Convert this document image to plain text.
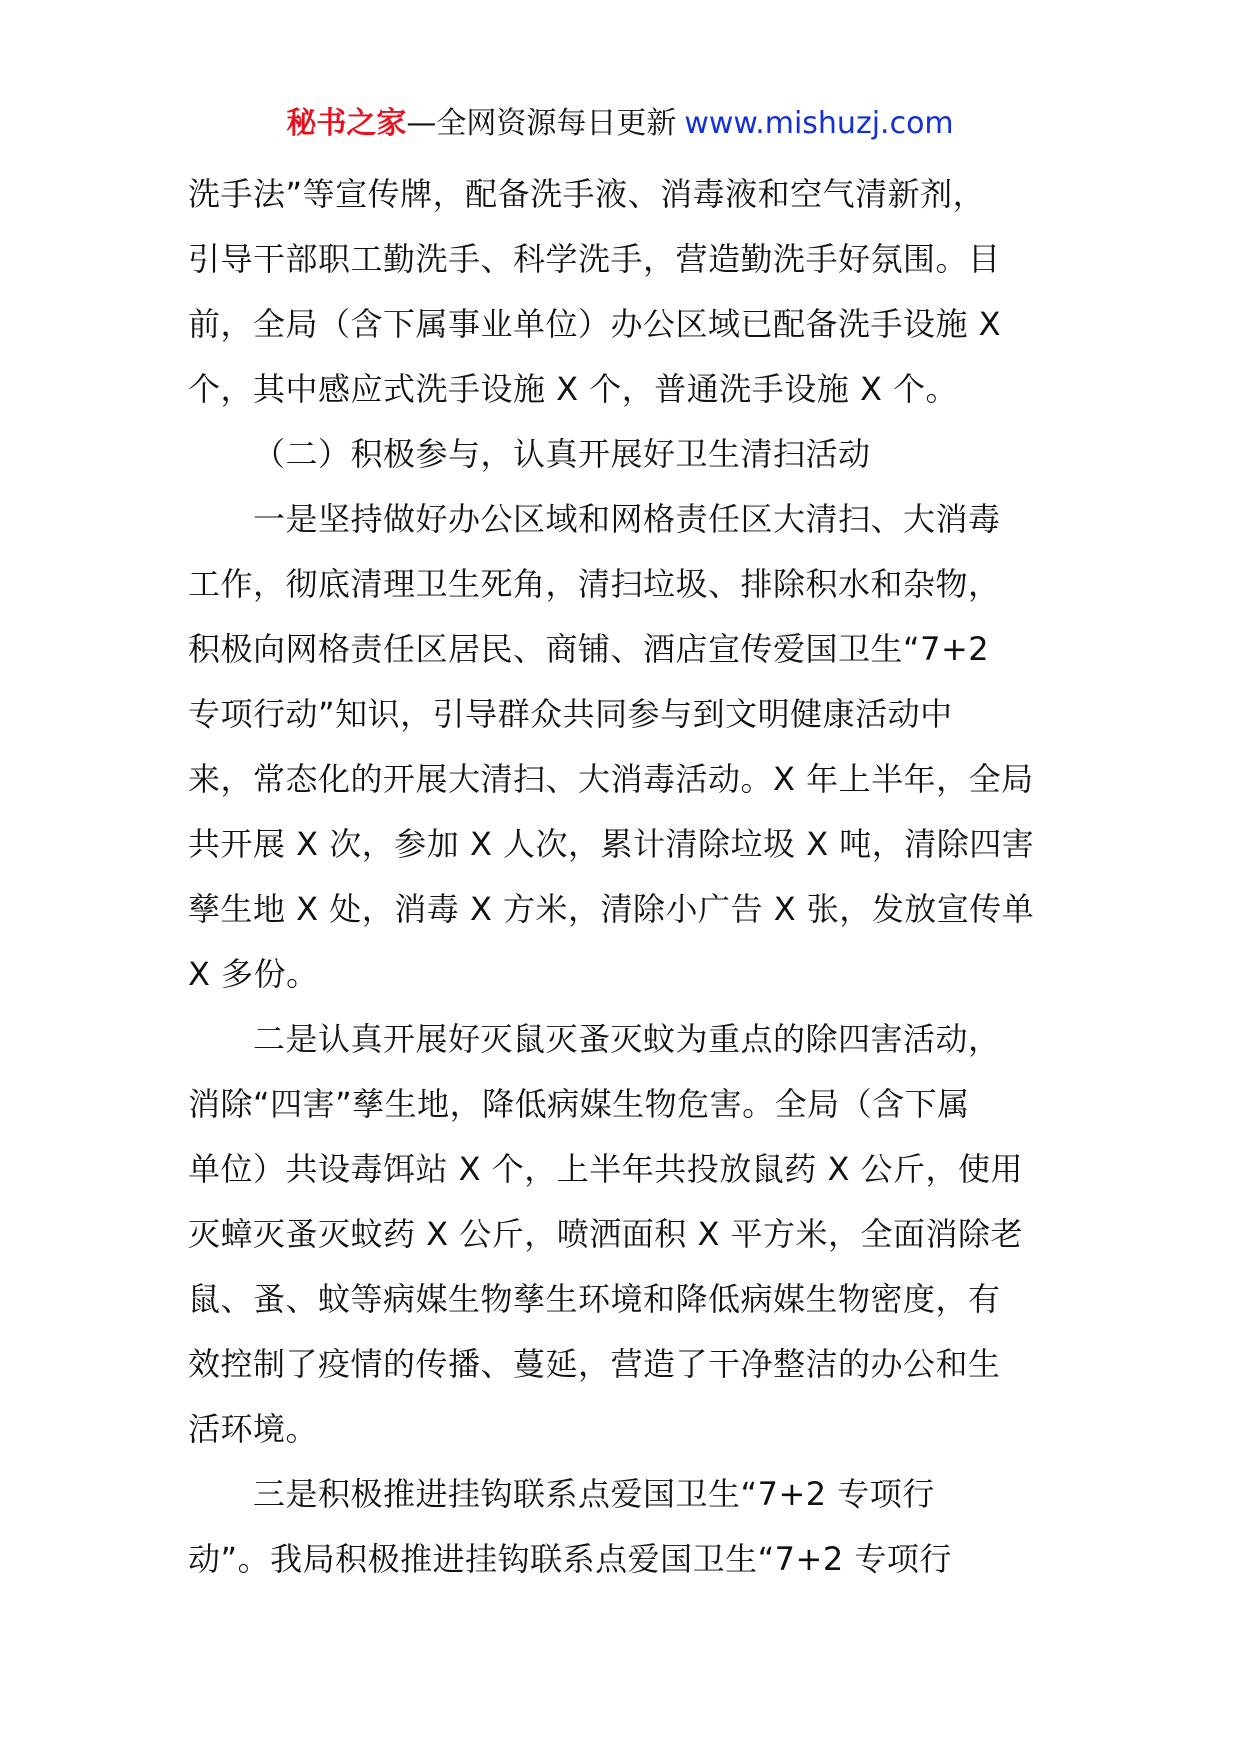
秘书之家—全网资源每日更新 www.mishuzj.com
洗手法”等宣传牌，配备洗手液、消毒液和空气清新剂，
引导干部职工勤洗手、科学洗手，营造勤洗手好氛围。目
前，全局（含下属事业单位）办公区域已配备洗手设施 X
个，其中感应式洗手设施 X 个，普通洗手设施 X 个。
（二）积极参与，认真开展好卫生清扫活动
一是坚持做好办公区域和网格责任区大清扫、大消毒
工作，彻底清理卫生死角，清扫垃圾、排除积水和杂物，
积极向网格责任区居民、商铺、酒店宣传爱国卫生“7+2
专项行动”知识，引导群众共同参与到文明健康活动中
来，常态化的开展大清扫、大消毒活动。X 年上半年，全局
共开展 X 次，参加 X 人次，累计清除垃圾 X 吨，清除四害
孳生地 X 处，消毒 X 方米，清除小广告 X 张，发放宣传单
X 多份。
二是认真开展好灭鼠灭蚤灭蚊为重点的除四害活动，
消除“四害”孳生地，降低病媒生物危害。全局（含下属
单位）共设毒饵站 X 个，上半年共投放鼠药 X 公斤，使用
灭蟑灭蚤灭蚊药 X 公斤，喷洒面积 X 平方米，全面消除老
鼠、蚤、蚊等病媒生物孳生环境和降低病媒生物密度，有
效控制了疫情的传播、蔓延，营造了干净整洁的办公和生
活环境。
三是积极推进挂钩联系点爱国卫生“7+2 专项行
动”。我局积极推进挂钩联系点爱国卫生“7+2 专项行
